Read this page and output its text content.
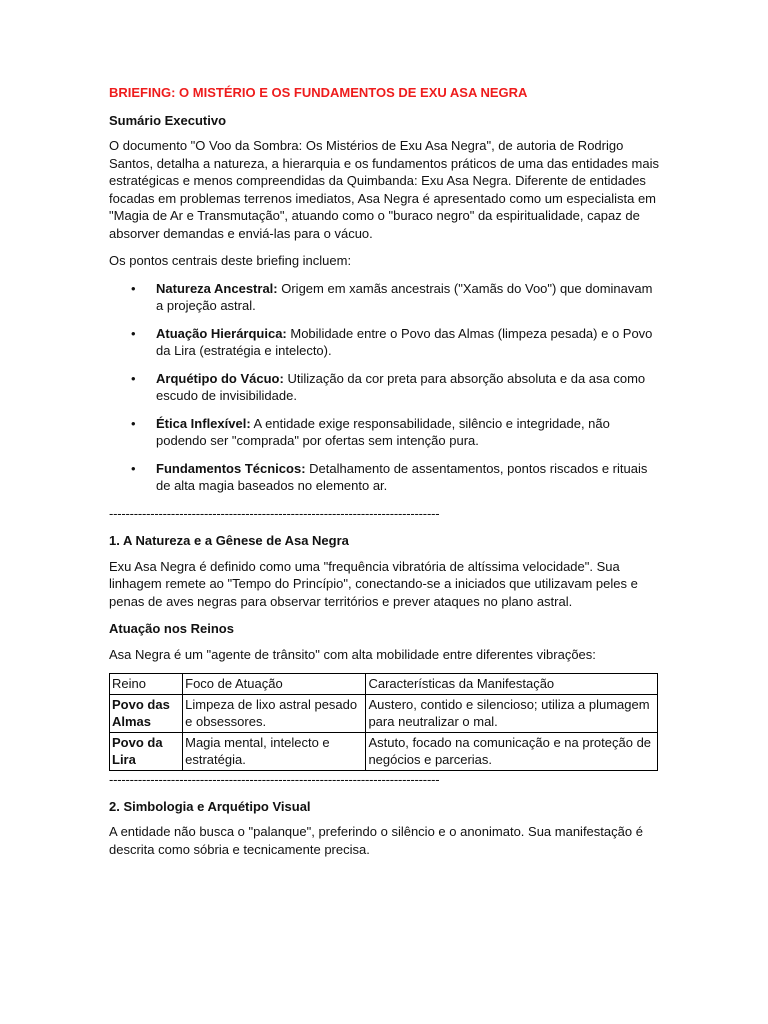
BRIEFING: O MISTÉRIO E OS FUNDAMENTOS DE EXU ASA NEGRA
Sumário Executivo

O documento "O Voo da Sombra: Os Mistérios de Exu Asa Negra", de autoria de Rodrigo Santos, detalha a natureza, a hierarquia e os fundamentos práticos de uma das entidades mais estratégicas e menos compreendidas da Quimbanda: Exu Asa Negra. Diferente de entidades focadas em problemas terrenos imediatos, Asa Negra é apresentado como um especialista em "Magia de Ar e Transmutação", atuando como o "buraco negro" da espiritualidade, capaz de absorver demandas e enviá-las para o vácuo.

Os pontos centrais deste briefing incluem:

• Natureza Ancestral: Origem em xamãs ancestrais ("Xamãs do Voo") que dominavam a projeção astral.
• Atuação Hierárquica: Mobilidade entre o Povo das Almas (limpeza pesada) e o Povo da Lira (estratégia e intelecto).
• Arquétipo do Vácuo: Utilização da cor preta para absorção absoluta e da asa como escudo de invisibilidade.
• Ética Inflexível: A entidade exige responsabilidade, silêncio e integridade, não podendo ser "comprada" por ofertas sem intenção pura.
• Fundamentos Técnicos: Detalhamento de assentamentos, pontos riscados e rituais de alta magia baseados no elemento ar.
--------------------------------------------------------------------------------
1. A Natureza e a Gênese de Asa Negra

Exu Asa Negra é definido como uma "frequência vibratória de altíssima velocidade". Sua linhagem remete ao "Tempo do Princípio", conectando-se a iniciados que utilizavam peles e penas de aves negras para observar territórios e prever ataques no plano astral.

Atuação nos Reinos

Asa Negra é um "agente de trânsito" com alta mobilidade entre diferentes vibrações:

Reino	Foco de Atuação	Características da Manifestação
Povo das Almas	Limpeza de lixo astral pesado e obsessores.	Austero, contido e silencioso; utiliza a plumagem para neutralizar o mal.
Povo da Lira	Magia mental, intelecto e estratégia.	Astuto, focado na comunicação e na proteção de negócios e parcerias.
--------------------------------------------------------------------------------
2. Simbologia e Arquétipo Visual

A entidade não busca o "palanque", preferindo o silêncio e o anonimato. Sua manifestação é descrita como sóbria e tecnicamente precisa.
